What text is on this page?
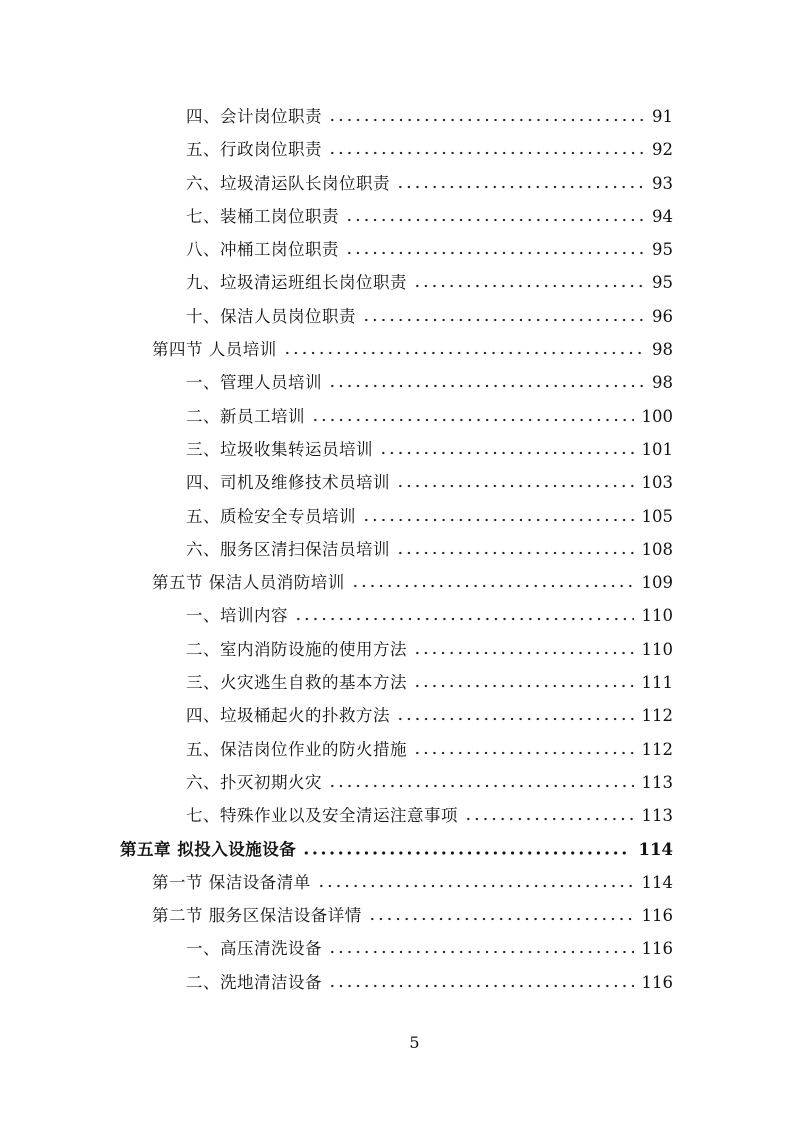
四、会计岗位职责	91
五、行政岗位职责	92
六、垃圾清运队长岗位职责	93
七、装桶工岗位职责	94
八、冲桶工岗位职责	95
九、垃圾清运班组长岗位职责	95
十、保洁人员岗位职责	96
第四节 人员培训	98
一、管理人员培训	98
二、新员工培训	100
三、垃圾收集转运员培训	101
四、司机及维修技术员培训	103
五、质检安全专员培训	105
六、服务区清扫保洁员培训	108
第五节 保洁人员消防培训	109
一、培训内容	110
二、室内消防设施的使用方法	110
三、火灾逃生自救的基本方法	111
四、垃圾桶起火的扑救方法	112
五、保洁岗位作业的防火措施	112
六、扑灭初期火灾	113
七、特殊作业以及安全清运注意事项	113
第五章 拟投入设施设备	114
第一节 保洁设备清单	114
第二节 服务区保洁设备详情	116
一、高压清洗设备	116
二、洗地清洁设备	116
5
